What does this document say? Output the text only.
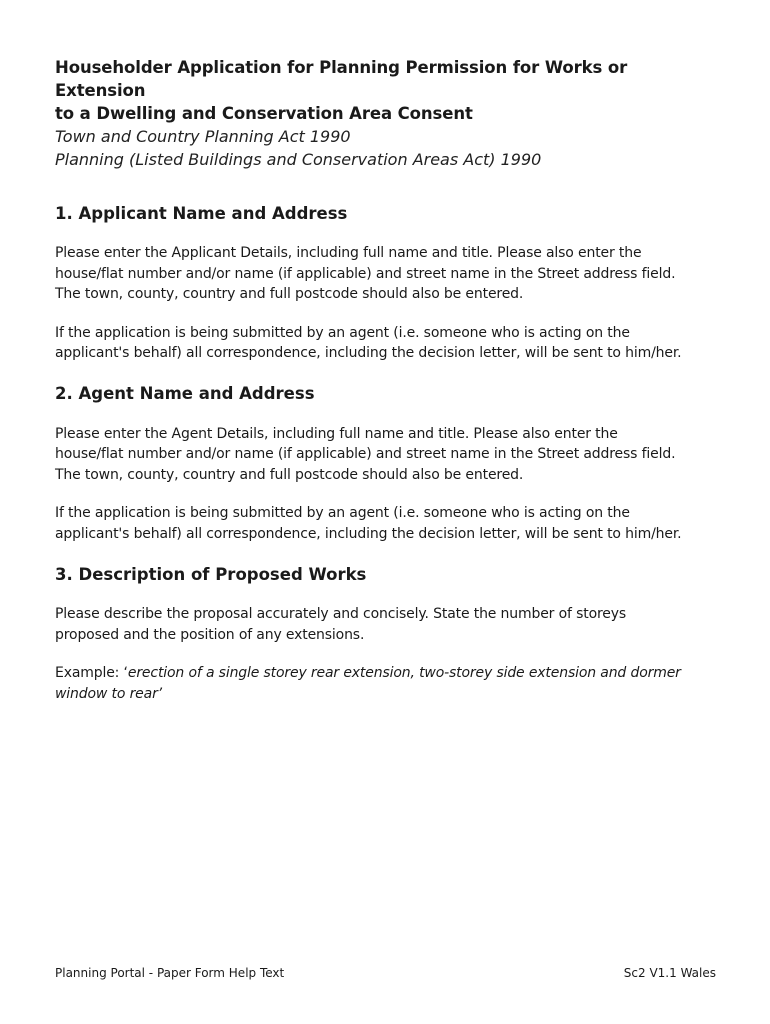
Householder Application for Planning Permission for Works or Extension
to a Dwelling and Conservation Area Consent
Town and Country Planning Act 1990
Planning (Listed Buildings and Conservation Areas Act) 1990
1. Applicant Name and Address
Please enter the Applicant Details, including full name and title. Please also enter the
house/flat number and/or name (if applicable) and street name in the Street address field.
The town, county, country and full postcode should also be entered.
If the application is being submitted by an agent (i.e. someone who is acting on the
applicant's behalf) all correspondence, including the decision letter, will be sent to him/her.
2. Agent Name and Address
Please enter the Agent Details, including full name and title. Please also enter the
house/flat number and/or name (if applicable) and street name in the Street address field.
The town, county, country and full postcode should also be entered.
If the application is being submitted by an agent (i.e. someone who is acting on the
applicant's behalf) all correspondence, including the decision letter, will be sent to him/her.
3. Description of Proposed Works
Please describe the proposal accurately and concisely. State the number of storeys
proposed and the position of any extensions.
Example: ‘erection of a single storey rear extension, two-storey side extension and dormer
window to rear’
Planning Portal - Paper Form Help Text	Sc2 V1.1 Wales
